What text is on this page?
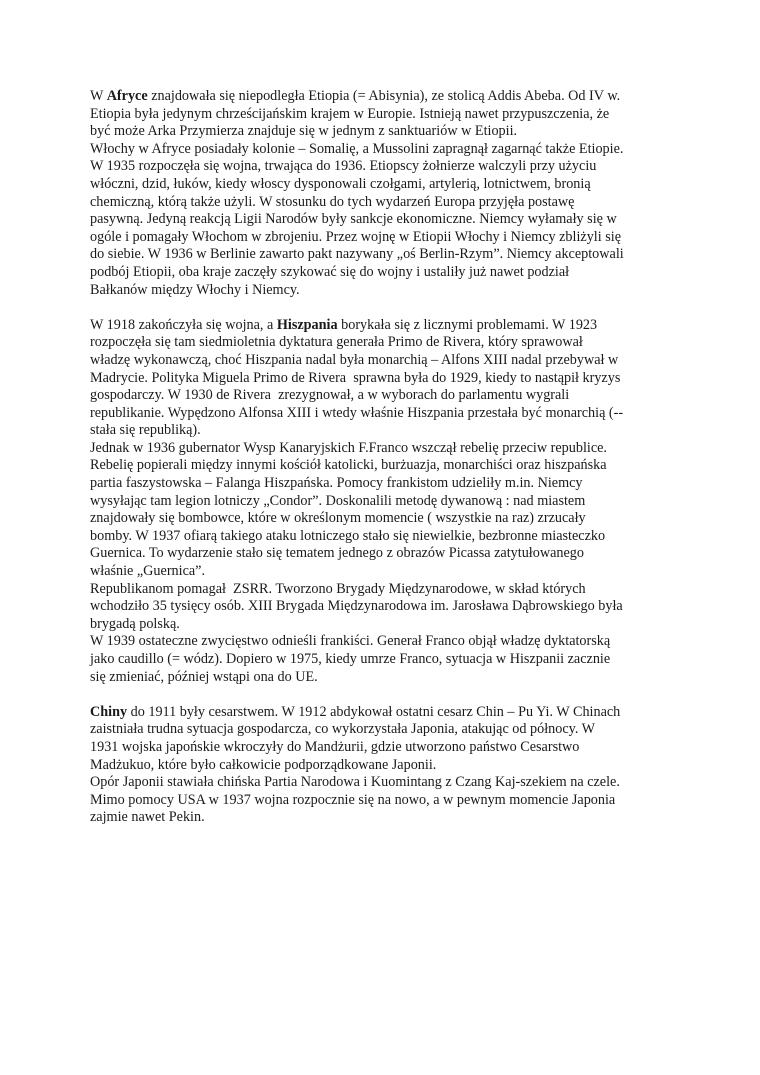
W Afryce znajdowała się niepodległa Etiopia (= Abisynia), ze stolicą Addis Abeba. Od IV w.
Etiopia była jedynym chrześcijańskim krajem w Europie. Istnieją nawet przypuszczenia, że
być może Arka Przymierza znajduje się w jednym z sanktuariów w Etiopii.
Włochy w Afryce posiadały kolonie – Somalię, a Mussolini zapragnął zagarnąć także Etiopie.
W 1935 rozpoczęła się wojna, trwająca do 1936. Etiopscy żołnierze walczyli przy użyciu
włóczni, dzid, łuków, kiedy włoscy dysponowali czołgami, artylerią, lotnictwem, bronią
chemiczną, którą także użyli. W stosunku do tych wydarzeń Europa przyjęła postawę
pasywną. Jedyną reakcją Ligii Narodów były sankcje ekonomiczne. Niemcy wyłamały się w
ogóle i pomagały Włochom w zbrojeniu. Przez wojnę w Etiopii Włochy i Niemcy zbliżyli się
do siebie. W 1936 w Berlinie zawarto pakt nazywany „oś Berlin-Rzym”. Niemcy akceptowali
podbój Etiopii, oba kraje zaczęły szykować się do wojny i ustaliły już nawet podział
Bałkanów między Włochy i Niemcy.
W 1918 zakończyła się wojna, a Hiszpania borykała się z licznymi problemami. W 1923
rozpoczęła się tam siedmioletnia dyktatura generała Primo de Rivera, który sprawował
władzę wykonawczą, choć Hiszpania nadal była monarchią – Alfons XIII nadal przebywał w
Madrycie. Polityka Miguela Primo de Rivera  sprawna była do 1929, kiedy to nastąpił kryzys
gospodarczy. W 1930 de Rivera  zrezygnował, a w wyborach do parlamentu wygrali
republikanie. Wypędzono Alfonsa XIII i wtedy właśnie Hiszpania przestała być monarchią (--
stała się republiką).
Jednak w 1936 gubernator Wysp Kanaryjskich F.Franco wszczął rebelię przeciw republice.
Rebelię popierali między innymi kościół katolicki, burżuazja, monarchiści oraz hiszpańska
partia faszystowska – Falanga Hiszpańska. Pomocy frankistom udzieliły m.in. Niemcy
wysyłając tam legion lotniczy „Condor”. Doskonalili metodę dywanową : nad miastem
znajdowały się bombowce, które w określonym momencie ( wszystkie na raz) zrzucały
bomby. W 1937 ofiarą takiego ataku lotniczego stało się niewielkie, bezbronne miasteczko
Guernica. To wydarzenie stało się tematem jednego z obrazów Picassa zatytułowanego
właśnie „Guernica”.
Republikanom pomagał  ZSRR. Tworzono Brygady Międzynarodowe, w skład których
wchodziło 35 tysięcy osób. XIII Brygada Międzynarodowa im. Jarosława Dąbrowskiego była
brygadą polską.
W 1939 ostateczne zwycięstwo odnieśli frankiści. Generał Franco objął władzę dyktatorską
jako caudillo (= wódz). Dopiero w 1975, kiedy umrze Franco, sytuacja w Hiszpanii zacznie
się zmieniać, później wstąpi ona do UE.
Chiny do 1911 były cesarstwem. W 1912 abdykował ostatni cesarz Chin – Pu Yi. W Chinach
zaistniała trudna sytuacja gospodarcza, co wykorzystała Japonia, atakując od północy. W
1931 wojska japońskie wkroczyły do Mandżurii, gdzie utworzono państwo Cesarstwo
Madżukuo, które było całkowicie podporządkowane Japonii.
Opór Japonii stawiała chińska Partia Narodowa i Kuomintang z Czang Kaj-szekiem na czele.
Mimo pomocy USA w 1937 wojna rozpocznie się na nowo, a w pewnym momencie Japonia
zajmie nawet Pekin.
